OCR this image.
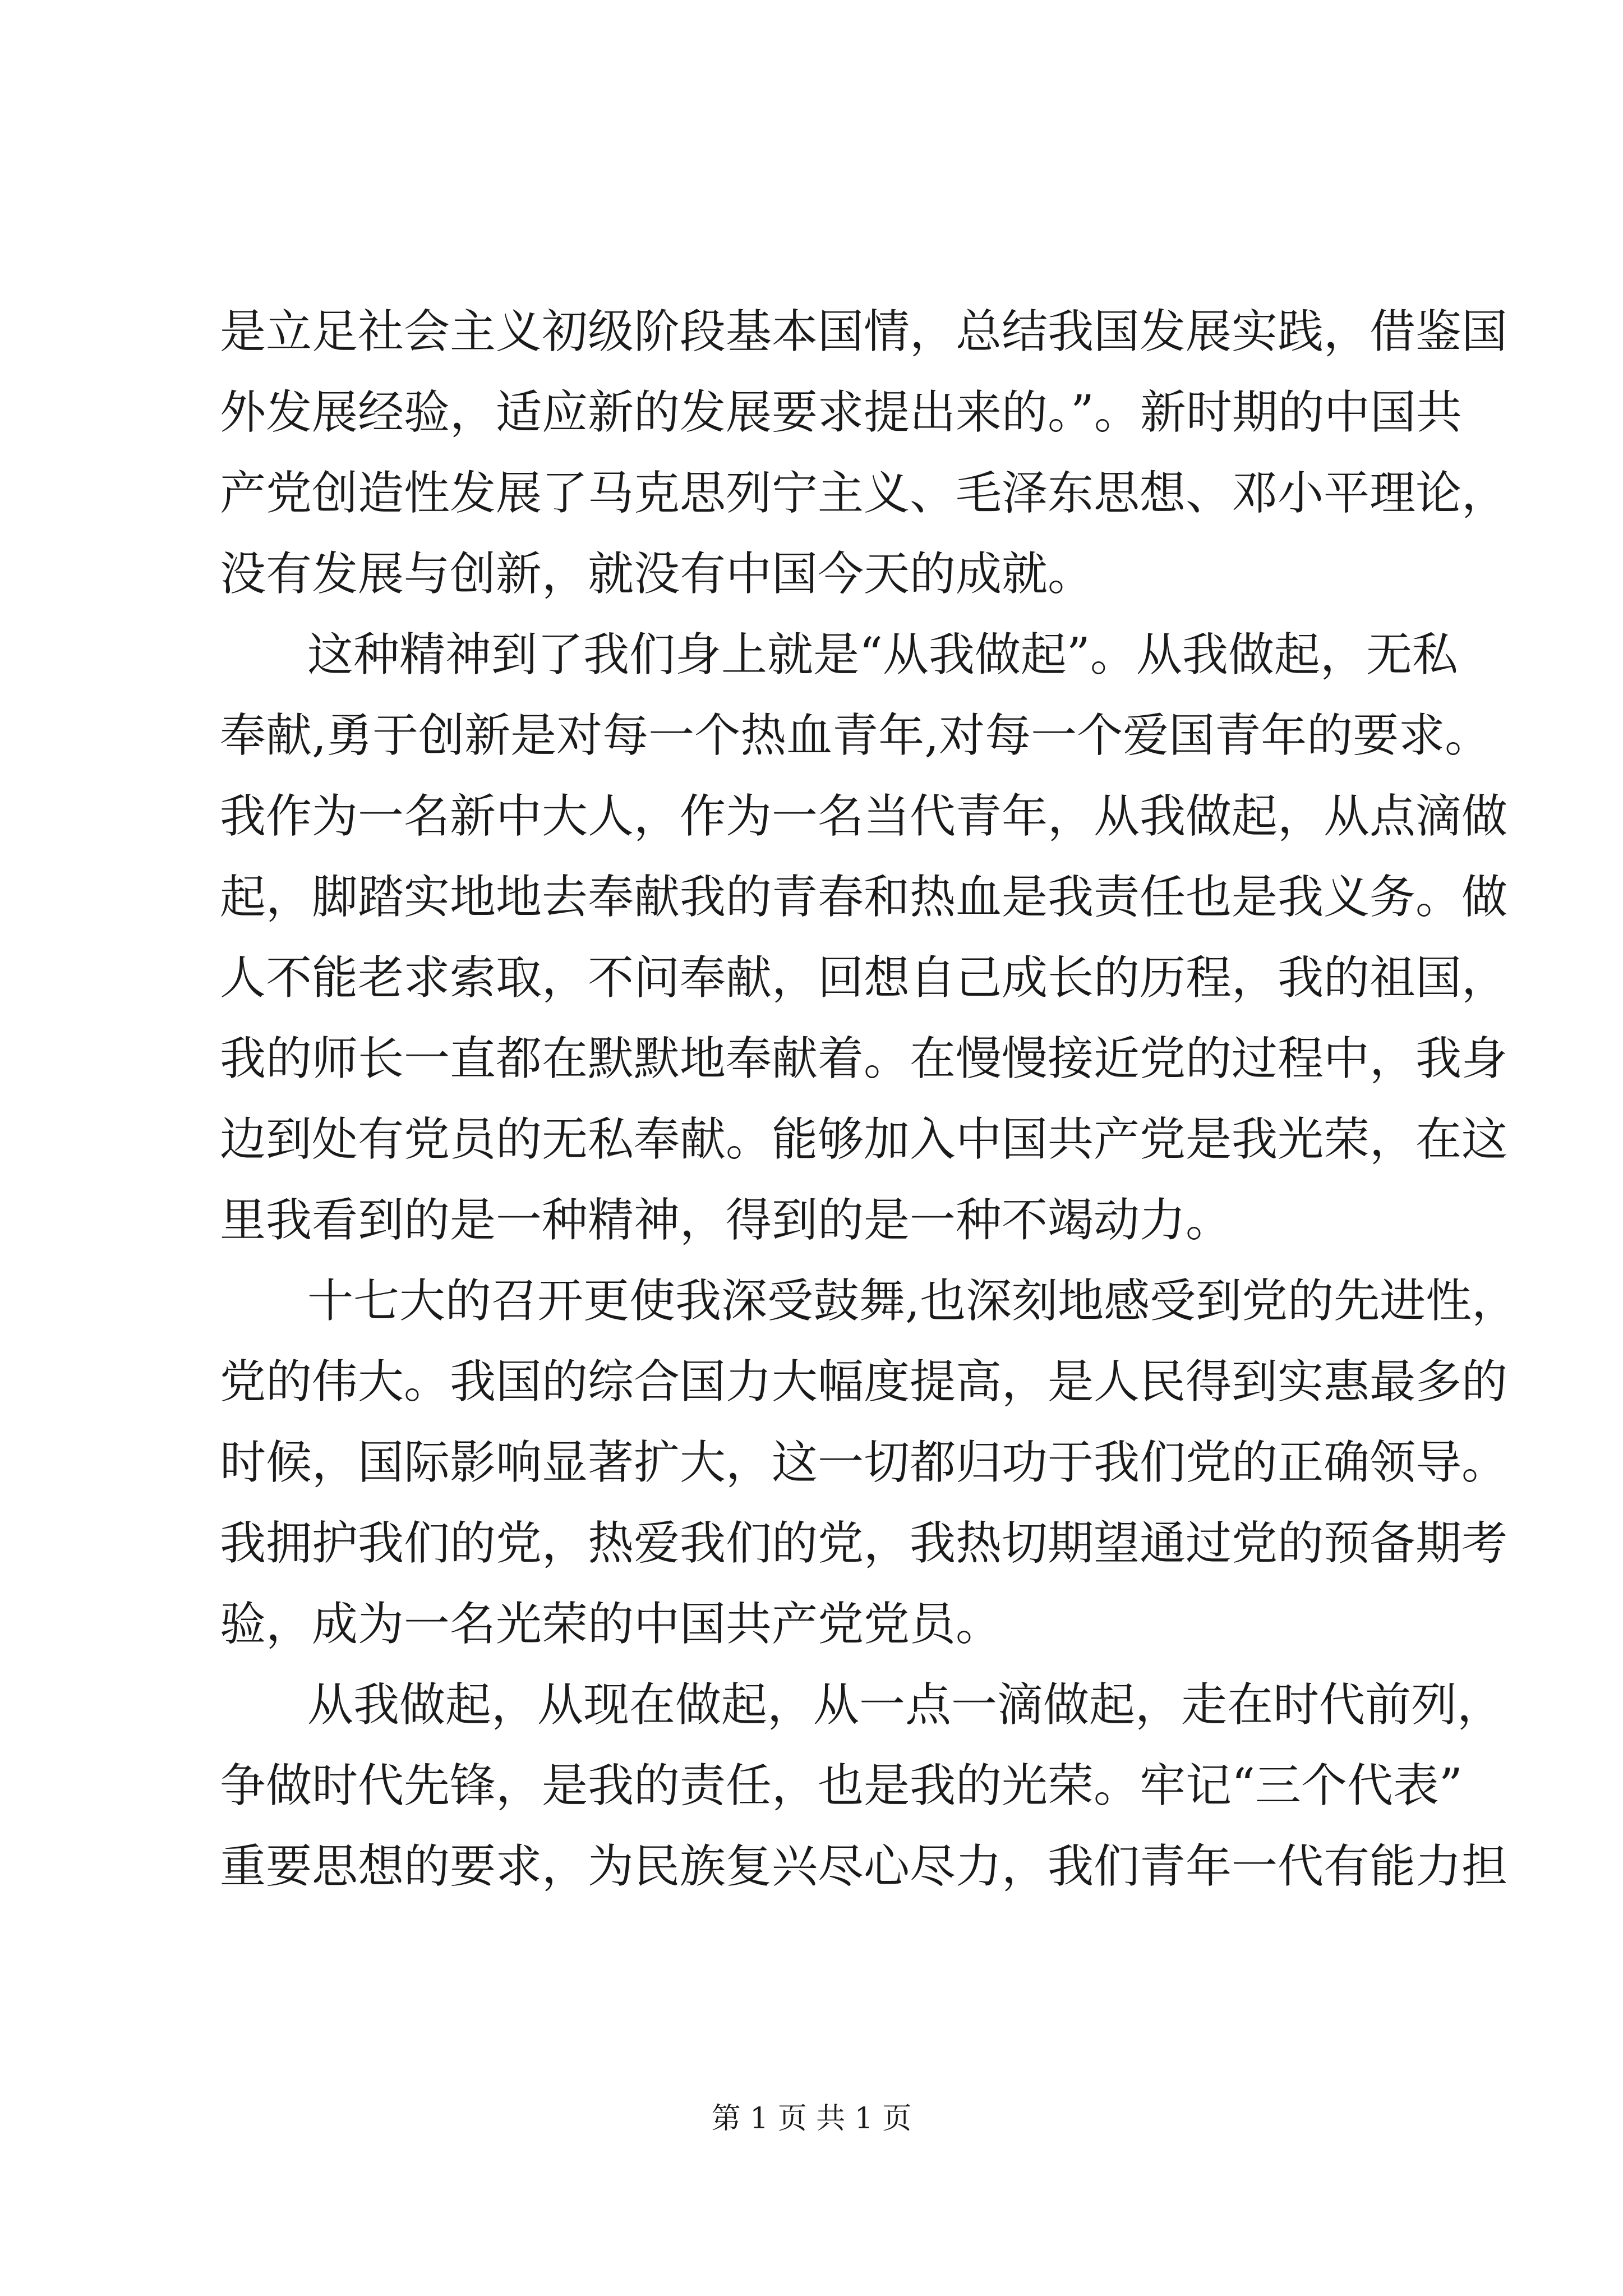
是立足社会主义初级阶段基本国情，总结我国发展实践，借鉴国
外发展经验，适应新的发展要求提出来的。”。新时期的中国共
产党创造性发展了马克思列宁主义、毛泽东思想、邓小平理论，
没有发展与创新，就没有中国今天的成就。
这种精神到了我们身上就是“从我做起”。从我做起，无私
奉献,勇于创新是对每一个热血青年,对每一个爱国青年的要求。
我作为一名新中大人，作为一名当代青年，从我做起，从点滴做
起，脚踏实地地去奉献我的青春和热血是我责任也是我义务。做
人不能老求索取，不问奉献，回想自己成长的历程，我的祖国，
我的师长一直都在默默地奉献着。在慢慢接近党的过程中，我身
边到处有党员的无私奉献。能够加入中国共产党是我光荣，在这
里我看到的是一种精神，得到的是一种不竭动力。
十七大的召开更使我深受鼓舞,也深刻地感受到党的先进性，
党的伟大。我国的综合国力大幅度提高，是人民得到实惠最多的
时候，国际影响显著扩大，这一切都归功于我们党的正确领导。
我拥护我们的党，热爱我们的党，我热切期望通过党的预备期考
验，成为一名光荣的中国共产党党员。
从我做起，从现在做起，从一点一滴做起，走在时代前列，
争做时代先锋，是我的责任，也是我的光荣。牢记“三个代表”
重要思想的要求，为民族复兴尽心尽力，我们青年一代有能力担
第 1 页 共 1 页
